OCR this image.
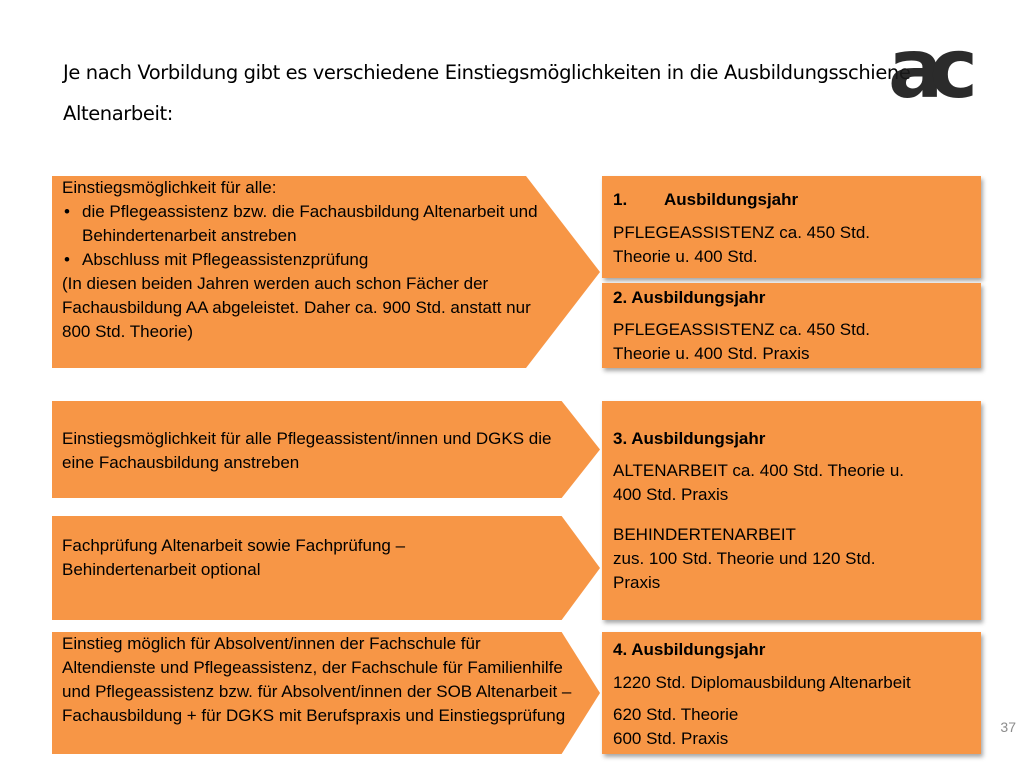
Je nach Vorbildung gibt es verschiedene Einstiegsmöglichkeiten in die Ausbildungsschiene
Altenarbeit:	ac
Einstiegsmöglichkeit für alle:
• die Pflegeassistenz bzw. die Fachausbildung Altenarbeit und Behindertenarbeit anstreben
• Abschluss mit Pflegeassistenzprüfung
(In diesen beiden Jahren werden auch schon Fächer der Fachausbildung AA abgeleistet. Daher ca. 900 Std. anstatt nur 800 Std. Theorie)
Einstiegsmöglichkeit für alle Pflegeassistent/innen und DGKS die eine Fachausbildung anstreben
Fachprüfung Altenarbeit sowie Fachprüfung – Behindertenarbeit optional
Einstieg möglich für Absolvent/innen der Fachschule für Altendienste und Pflegeassistenz, der Fachschule für Familienhilfe und Pflegeassistenz bzw. für Absolvent/innen der SOB Altenarbeit – Fachausbildung + für DGKS mit Berufspraxis und Einstiegsprüfung
1. Ausbildungsjahr
PFLEGEASSISTENZ ca. 450 Std.
Theorie u. 400 Std.
2. Ausbildungsjahr
PFLEGEASSISTENZ ca. 450 Std.
Theorie u. 400 Std. Praxis
3. Ausbildungsjahr
ALTENARBEIT ca. 400 Std. Theorie u.
400 Std. Praxis
BEHINDERTENARBEIT
zus. 100 Std. Theorie und 120 Std.
Praxis
4. Ausbildungsjahr
1220 Std. Diplomausbildung Altenarbeit
620 Std. Theorie
600 Std. Praxis
37
